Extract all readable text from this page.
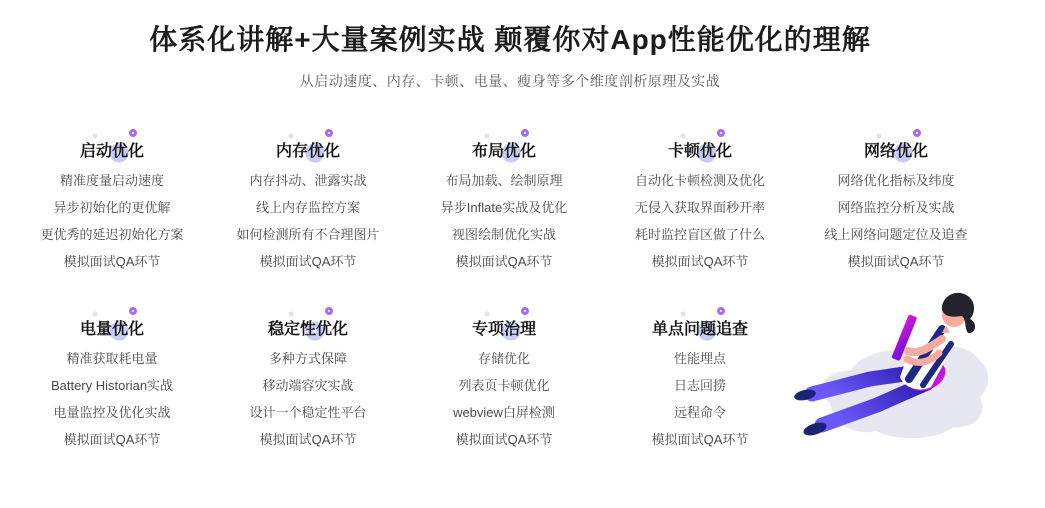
体系化讲解+大量案例实战 颠覆你对App性能优化的理解

从启动速度、内存、卡顿、电量、瘦身等多个维度剖析原理及实战

启动优化
精准度量启动速度
异步初始化的更优解
更优秀的延迟初始化方案
模拟面试QA环节
内存优化
内存抖动、泄露实战
线上内存监控方案
如何检测所有不合理图片
模拟面试QA环节
布局优化
布局加载、绘制原理
异步Inflate实战及优化
视图绘制优化实战
模拟面试QA环节
卡顿优化
自动化卡顿检测及优化
无侵入获取界面秒开率
耗时监控盲区做了什么
模拟面试QA环节
网络优化
网络优化指标及纬度
网络监控分析及实战
线上网络问题定位及追查
模拟面试QA环节
电量优化
精准获取耗电量
Battery Historian实战
电量监控及优化实战
模拟面试QA环节
稳定性优化
多种方式保障
移动端容灾实战
设计一个稳定性平台
模拟面试QA环节
专项治理
存储优化
列表页卡顿优化
webview白屏检测
模拟面试QA环节
单点问题追查
性能埋点
日志回捞
远程命令
模拟面试QA环节
